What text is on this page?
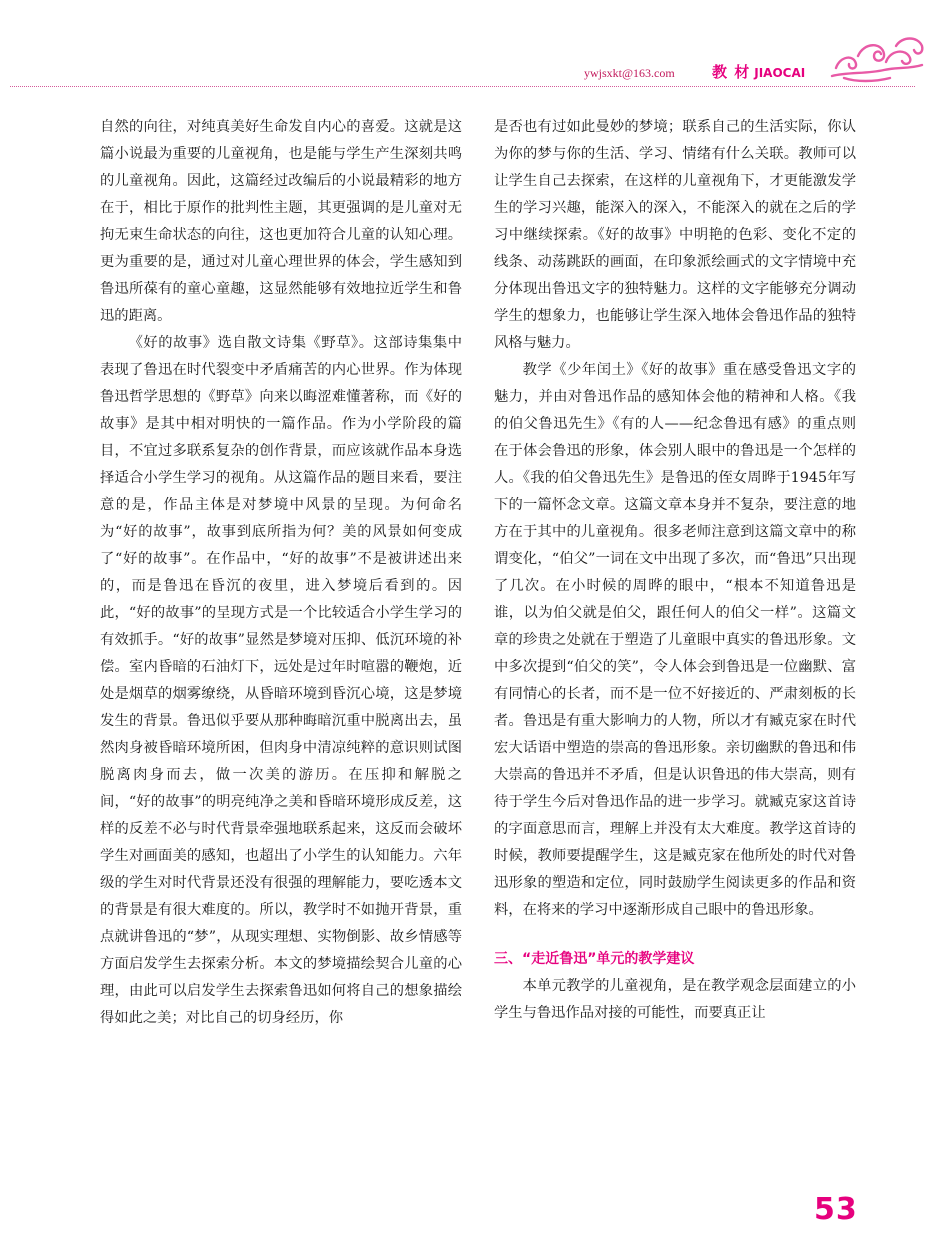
ywjsxkt@163.com 教 材 JIAOCAI

自然的向往，对纯真美好生命发自内心的喜爱。这就是这篇小说最为重要的儿童视角，也是能与学生产生深刻共鸣的儿童视角。因此，这篇经过改编后的小说最精彩的地方在于，相比于原作的批判性主题，其更强调的是儿童对无拘无束生命状态的向往，这也更加符合儿童的认知心理。更为重要的是，通过对儿童心理世界的体会，学生感知到鲁迅所葆有的童心童趣，这显然能够有效地拉近学生和鲁迅的距离。

《好的故事》选自散文诗集《野草》。这部诗集集中表现了鲁迅在时代裂变中矛盾痛苦的内心世界。作为体现鲁迅哲学思想的《野草》向来以晦涩难懂著称，而《好的故事》是其中相对明快的一篇作品。作为小学阶段的篇目，不宜过多联系复杂的创作背景，而应该就作品本身选择适合小学生学习的视角。从这篇作品的题目来看，要注意的是，作品主体是对梦境中风景的呈现。为何命名为“好的故事”，故事到底所指为何？美的风景如何变成了“好的故事”。在作品中，“好的故事”不是被讲述出来的，而是鲁迅在昏沉的夜里，进入梦境后看到的。因此，“好的故事”的呈现方式是一个比较适合小学生学习的有效抓手。“好的故事”显然是梦境对压抑、低沉环境的补偿。室内昏暗的石油灯下，远处是过年时喧嚣的鞭炮，近处是烟草的烟雾缭绕，从昏暗环境到昏沉心境，这是梦境发生的背景。鲁迅似乎要从那种晦暗沉重中脱离出去，虽然肉身被昏暗环境所困，但肉身中清凉纯粹的意识则试图脱离肉身而去，做一次美的游历。在压抑和解脱之间，“好的故事”的明亮纯净之美和昏暗环境形成反差，这样的反差不必与时代背景牵强地联系起来，这反而会破坏学生对画面美的感知，也超出了小学生的认知能力。六年级的学生对时代背景还没有很强的理解能力，要吃透本文的背景是有很大难度的。所以，教学时不如抛开背景，重点就讲鲁迅的“梦”，从现实理想、实物倒影、故乡情感等方面启发学生去探索分析。本文的梦境描绘契合儿童的心理，由此可以启发学生去探索鲁迅如何将自己的想象描绘得如此之美；对比自己的切身经历，你

是否也有过如此曼妙的梦境；联系自己的生活实际，你认为你的梦与你的生活、学习、情绪有什么关联。教师可以让学生自己去探索，在这样的儿童视角下，才更能激发学生的学习兴趣，能深入的深入，不能深入的就在之后的学习中继续探索。《好的故事》中明艳的色彩、变化不定的线条、动荡跳跃的画面，在印象派绘画式的文字情境中充分体现出鲁迅文字的独特魅力。这样的文字能够充分调动学生的想象力，也能够让学生深入地体会鲁迅作品的独特风格与魅力。

教学《少年闰土》《好的故事》重在感受鲁迅文字的魅力，并由对鲁迅作品的感知体会他的精神和人格。《我的伯父鲁迅先生》《有的人——纪念鲁迅有感》的重点则在于体会鲁迅的形象，体会别人眼中的鲁迅是一个怎样的人。《我的伯父鲁迅先生》是鲁迅的侄女周晔于1945年写下的一篇怀念文章。这篇文章本身并不复杂，要注意的地方在于其中的儿童视角。很多老师注意到这篇文章中的称谓变化，“伯父”一词在文中出现了多次，而“鲁迅”只出现了几次。在小时候的周晔的眼中，“根本不知道鲁迅是谁，以为伯父就是伯父，跟任何人的伯父一样”。这篇文章的珍贵之处就在于塑造了儿童眼中真实的鲁迅形象。文中多次提到“伯父的笑”，令人体会到鲁迅是一位幽默、富有同情心的长者，而不是一位不好接近的、严肃刻板的长者。鲁迅是有重大影响力的人物，所以才有臧克家在时代宏大话语中塑造的崇高的鲁迅形象。亲切幽默的鲁迅和伟大崇高的鲁迅并不矛盾，但是认识鲁迅的伟大崇高，则有待于学生今后对鲁迅作品的进一步学习。就臧克家这首诗的字面意思而言，理解上并没有太大难度。教学这首诗的时候，教师要提醒学生，这是臧克家在他所处的时代对鲁迅形象的塑造和定位，同时鼓励学生阅读更多的作品和资料，在将来的学习中逐渐形成自己眼中的鲁迅形象。

三、“走近鲁迅”单元的教学建议

本单元教学的儿童视角，是在教学观念层面建立的小学生与鲁迅作品对接的可能性，而要真正让

53
